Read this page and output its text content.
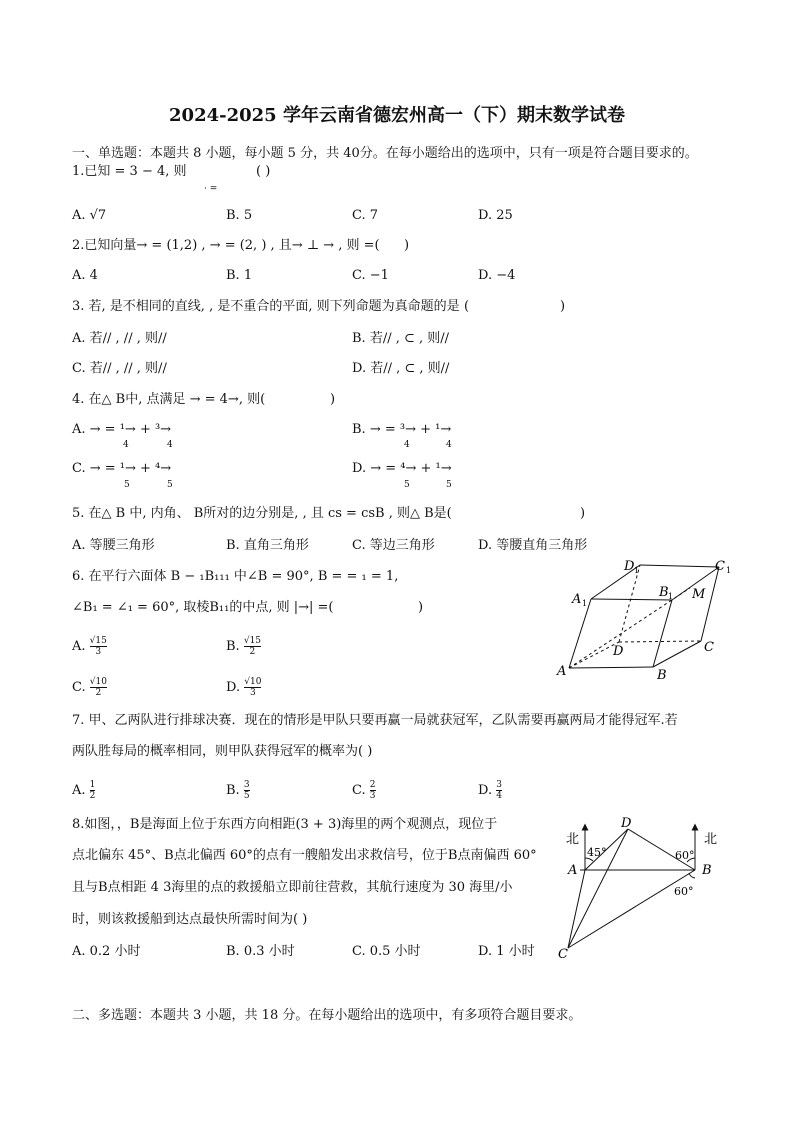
2024-2025 学年云南省德宏州高一（下）期末数学试卷
一、单选题：本题共 8 小题，每小题 5 分，共 40分。在每小题给出的选项中，只有一项是符合题目要求的。
1.已知 = 3 − 4, 则	( )
· =
A. √7	B. 5	C. 7	D. 25
2.已知向量→ = (1,2) , → = (2, ) , 且→ ⊥ → , 则 =( )
A. 4	B. 1	C. −1	D. −4
3. 若, 是不相同的直线, , 是不重合的平面, 则下列命题为真命题的是 (	)
A. 若// , // , 则//	B. 若// , ⊂ , 则//
C. 若// , // , 则//	D. 若// , ⊂ , 则//
4. 在△ B中, 点满足 → = 4→, 则(	)
A. → = ¹→ + ³→
4	4
B. → = ³→ + ¹→
4	4
C. → = ¹→ + ⁴→
5	5
D. → = ⁴→ + ¹→
5	5
5. 在△ B 中, 内角、 B所对的边分别是, , 且 cs = csB , 则△ B是(	)
A. 等腰三角形	B. 直角三角形	C. 等边三角形	D. 等腰直角三角形
6. 在平行六面体 B − ₁B₁₁₁ 中∠B = 90°, B = = ₁ = 1,
∠B₁ = ∠₁ = 60°, 取棱B₁₁的中点, 则 |→| =(	)
A. $\frac{√15}{3}$	B. $\frac{√15}{2}$
C. $\frac{√10}{2}$	D. $\frac{√10}{3}$
A	B
C
D
A 1
B 1
C 1
D 1
M
7. 甲、乙两队进行排球决赛．现在的情形是甲队只要再赢一局就获冠军，乙队需要再赢两局才能得冠军.若
两队胜每局的概率相同，则甲队获得冠军的概率为( )
A. $\frac{1}{2}$	B. $\frac{3}{5}$	C. $\frac{2}{3}$	D. $\frac{3}{4}$
8.如图，，B是海面上位于东西方向相距(3 + 3)海里的两个观测点，现位于
点北偏东 45°、B点北偏西 60°的点有一艘船发出求救信号，位于B点南偏西 60°
且与B点相距 4 3海里的点的救援船立即前往营救，其航行速度为 30 海里/小
时，则该救援船到达点最快所需时间为( )
A. 0.2 小时	B. 0.3 小时	C. 0.5 小时	D. 1 小时
北	北
45°	60°
60°
A	B
D
C
二、多选题：本题共 3 小题，共 18 分。在每小题给出的选项中，有多项符合题目要求。
